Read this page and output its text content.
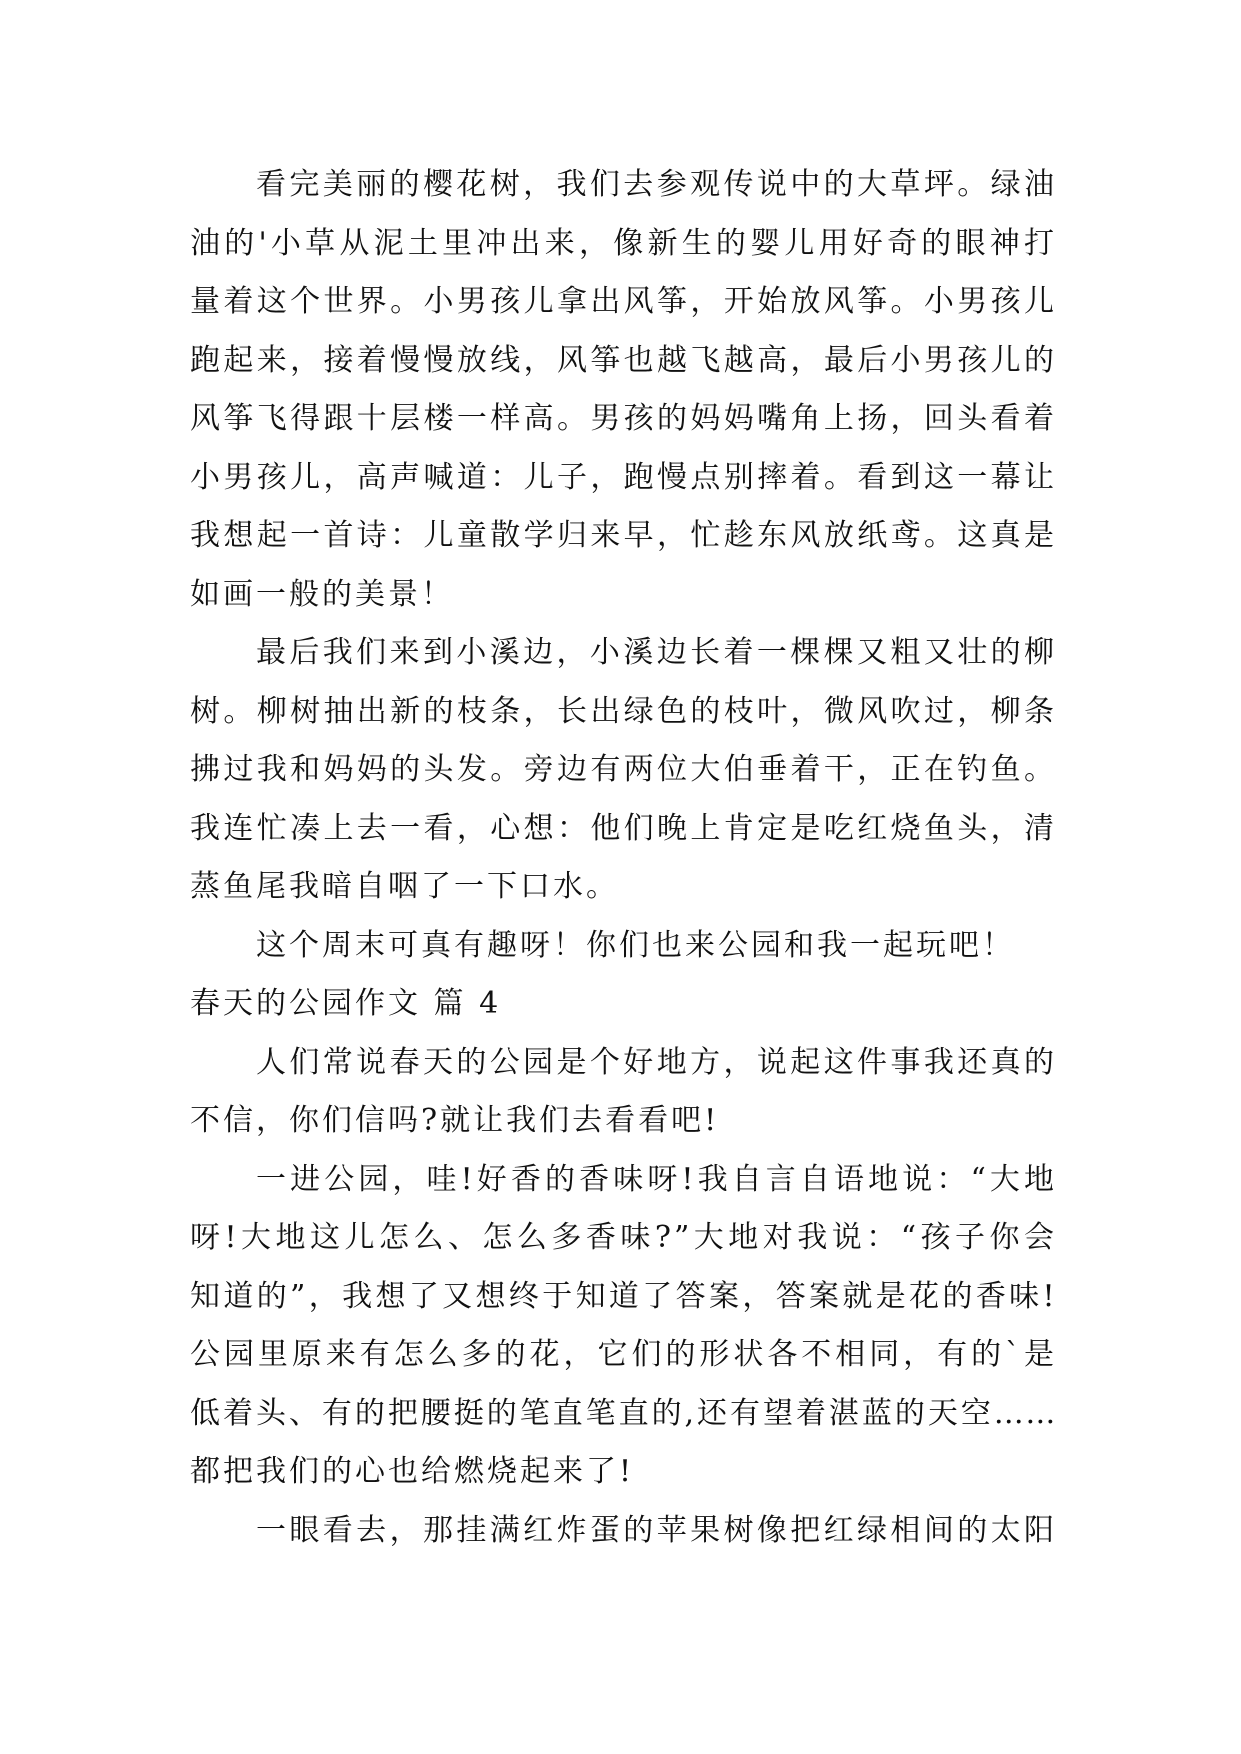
看完美丽的樱花树，我们去参观传说中的大草坪。绿油
油的'小草从泥土里冲出来，像新生的婴儿用好奇的眼神打
量着这个世界。小男孩儿拿出风筝，开始放风筝。小男孩儿
跑起来，接着慢慢放线，风筝也越飞越高，最后小男孩儿的
风筝飞得跟十层楼一样高。男孩的妈妈嘴角上扬，回头看着
小男孩儿，高声喊道：儿子，跑慢点别摔着。看到这一幕让
我想起一首诗：儿童散学归来早，忙趁东风放纸鸢。这真是
如画一般的美景！
最后我们来到小溪边，小溪边长着一棵棵又粗又壮的柳
树。柳树抽出新的枝条，长出绿色的枝叶，微风吹过，柳条
拂过我和妈妈的头发。旁边有两位大伯垂着干，正在钓鱼。
我连忙凑上去一看，心想：他们晚上肯定是吃红烧鱼头，清
蒸鱼尾我暗自咽了一下口水。
这个周末可真有趣呀！你们也来公园和我一起玩吧！
春天的公园作文 篇 4
人们常说春天的公园是个好地方，说起这件事我还真的
不信，你们信吗?就让我们去看看吧!
一进公园，哇!好香的香味呀!我自言自语地说：“大地
呀!大地这儿怎么、怎么多香味?”大地对我说：“孩子你会
知道的”，我想了又想终于知道了答案，答案就是花的香味!
公园里原来有怎么多的花，它们的形状各不相同，有的`是
低着头、有的把腰挺的笔直笔直的,还有望着湛蓝的天空……
都把我们的心也给燃烧起来了!
一眼看去，那挂满红炸蛋的苹果树像把红绿相间的太阳
